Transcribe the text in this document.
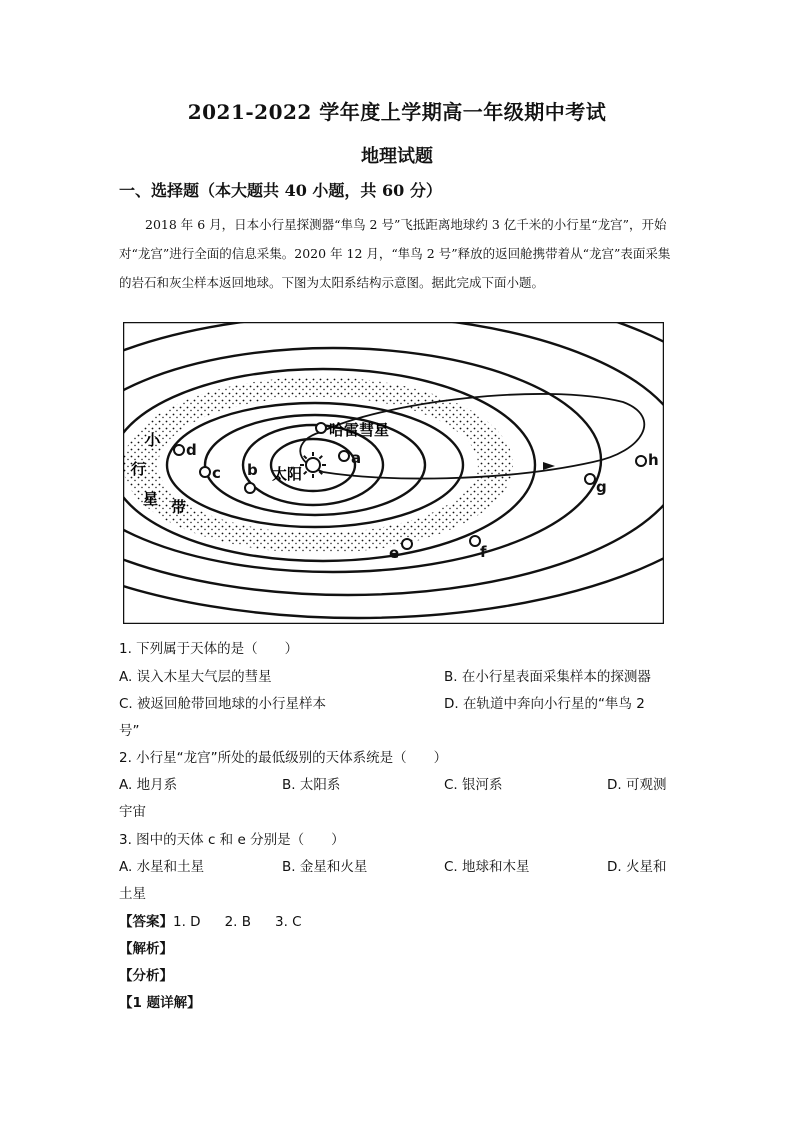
2021-2022 学年度上学期高一年级期中考试
地理试题
一、选择题（本大题共 40 小题，共 60 分）
2018 年 6 月，日本小行星探测器“隼鸟 2 号”飞抵距离地球约 3 亿千米的小行星“龙宫”，开始对“龙宫”进行全面的信息采集。2020 年 12 月，“隼鸟 2 号”释放的返回舱携带着从“龙宫”表面采集的岩石和灰尘样本返回地球。下图为太阳系结构示意图。据此完成下面小题。
太阳
哈雷彗星
小
行
星 带
a
b
c
d
e	f
g
h
1. 下列属于天体的是（　　）
A. 误入木星大气层的彗星	B. 在小行星表面采集样本的探测器
C. 被返回舱带回地球的小行星样本	D. 在轨道中奔向小行星的“隼鸟 2
号”
2. 小行星“龙宫”所处的最低级别的天体系统是（　　）
A. 地月系	B. 太阳系	C. 银河系	D. 可观测
宇宙
3. 图中的天体 c 和 e 分别是（　　）
A. 水星和土星	B. 金星和火星	C. 地球和木星	D. 火星和
土星
【答案】1. D 2. B 3. C
【解析】
【分析】
【1 题详解】
